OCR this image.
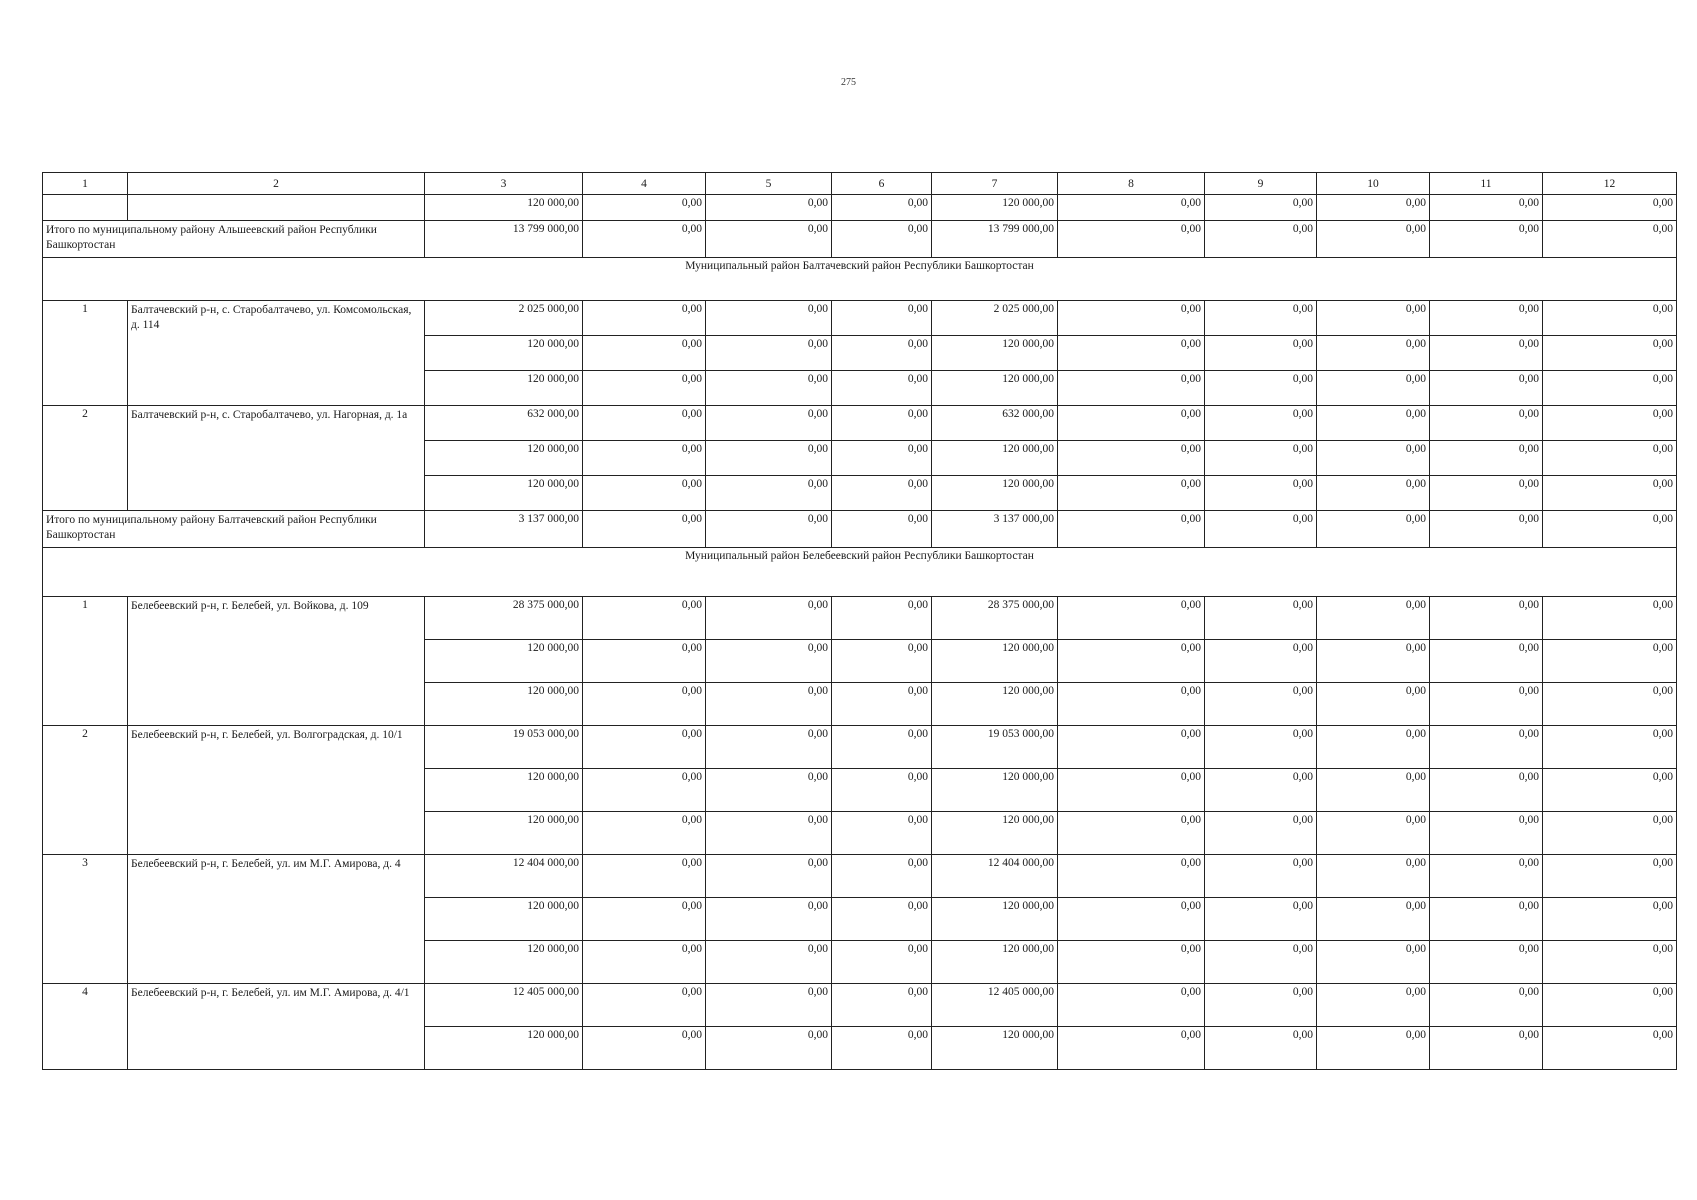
275
1	2	3	4	5	6	7	8	9	10	11	12
		120 000,00	0,00	0,00	0,00	120 000,00	0,00	0,00	0,00	0,00	0,00
Итого по муниципальному району Альшеевский район Республики Башкортостан		13 799 000,00	0,00	0,00	0,00	13 799 000,00	0,00	0,00	0,00	0,00	0,00
Муниципальный район Балтачевский район Республики Башкортостан											
1	Балтачевский р-н, с. Старобалтачево, ул. Комсомольская, д. 114	2 025 000,00	0,00	0,00	0,00	2 025 000,00	0,00	0,00	0,00	0,00	0,00
		120 000,00	0,00	0,00	0,00	120 000,00	0,00	0,00	0,00	0,00	0,00
		120 000,00	0,00	0,00	0,00	120 000,00	0,00	0,00	0,00	0,00	0,00
2	Балтачевский р-н, с. Старобалтачево, ул. Нагорная, д. 1а	632 000,00	0,00	0,00	0,00	632 000,00	0,00	0,00	0,00	0,00	0,00
		120 000,00	0,00	0,00	0,00	120 000,00	0,00	0,00	0,00	0,00	0,00
		120 000,00	0,00	0,00	0,00	120 000,00	0,00	0,00	0,00	0,00	0,00
Итого по муниципальному району Балтачевский район Республики Башкортостан		3 137 000,00	0,00	0,00	0,00	3 137 000,00	0,00	0,00	0,00	0,00	0,00
Муниципальный район Белебеевский район Республики Башкортостан											
1	Белебеевский р-н, г. Белебей, ул. Войкова, д. 109	28 375 000,00	0,00	0,00	0,00	28 375 000,00	0,00	0,00	0,00	0,00	0,00
		120 000,00	0,00	0,00	0,00	120 000,00	0,00	0,00	0,00	0,00	0,00
		120 000,00	0,00	0,00	0,00	120 000,00	0,00	0,00	0,00	0,00	0,00
2	Белебеевский р-н, г. Белебей, ул. Волгоградская, д. 10/1	19 053 000,00	0,00	0,00	0,00	19 053 000,00	0,00	0,00	0,00	0,00	0,00
		120 000,00	0,00	0,00	0,00	120 000,00	0,00	0,00	0,00	0,00	0,00
		120 000,00	0,00	0,00	0,00	120 000,00	0,00	0,00	0,00	0,00	0,00
3	Белебеевский р-н, г. Белебей, ул. им М.Г. Амирова, д. 4	12 404 000,00	0,00	0,00	0,00	12 404 000,00	0,00	0,00	0,00	0,00	0,00
		120 000,00	0,00	0,00	0,00	120 000,00	0,00	0,00	0,00	0,00	0,00
		120 000,00	0,00	0,00	0,00	120 000,00	0,00	0,00	0,00	0,00	0,00
4	Белебеевский р-н, г. Белебей, ул. им М.Г. Амирова, д. 4/1	12 405 000,00	0,00	0,00	0,00	12 405 000,00	0,00	0,00	0,00	0,00	0,00
		120 000,00	0,00	0,00	0,00	120 000,00	0,00	0,00	0,00	0,00	0,00
